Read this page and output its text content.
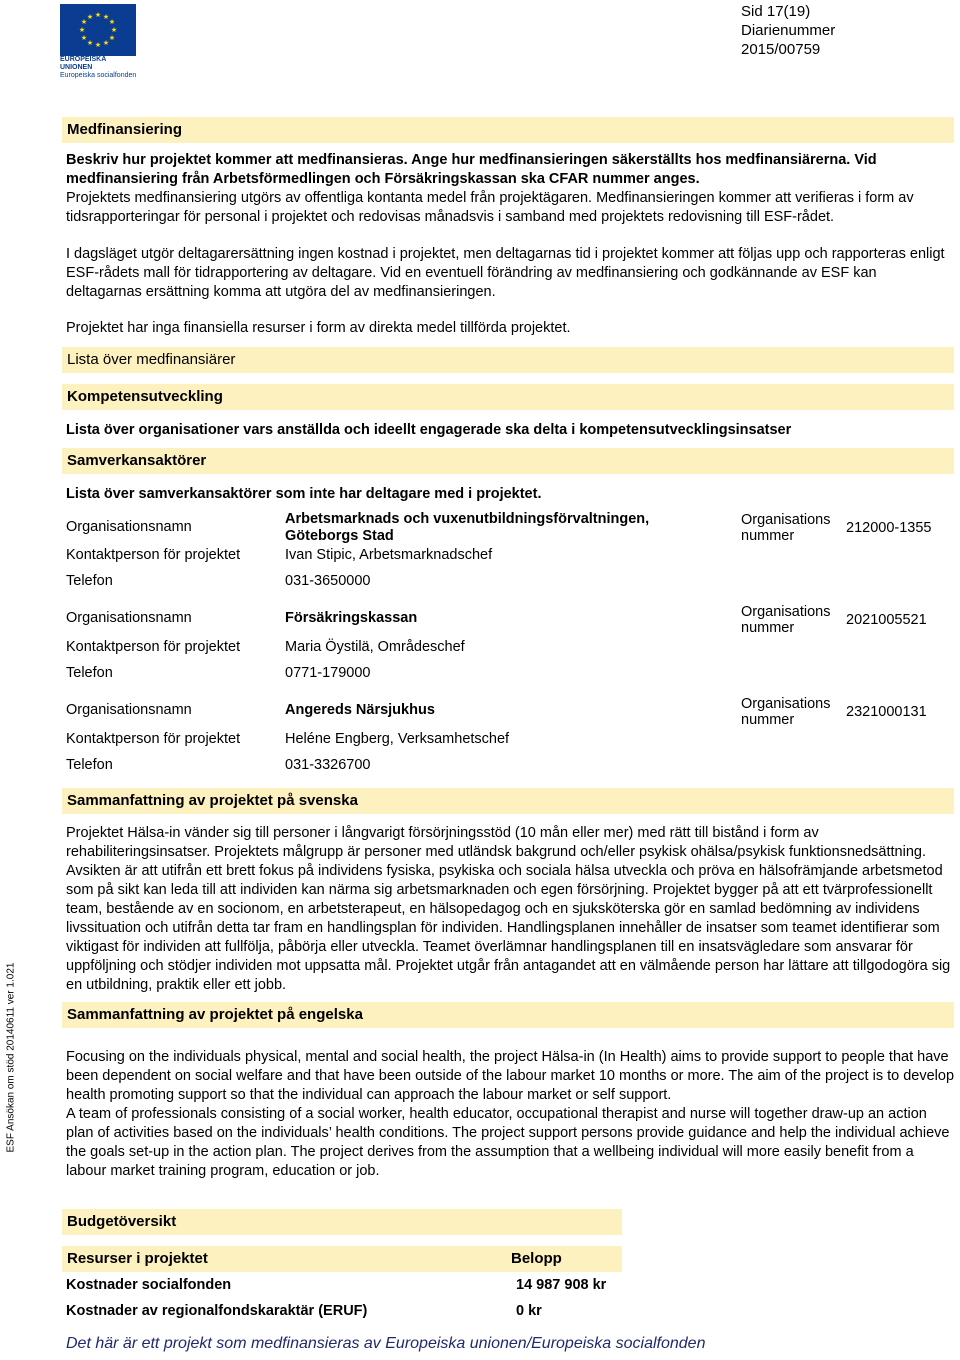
★ ★
★
★
★
★
★
★
★
★
★
★
EUROPEISKA UNIONEN
Europeiska socialfonden
Sid 17(19)
Diarienummer
2015/00759
Medfinansiering
Beskriv hur projektet kommer att medfinansieras. Ange hur medfinansieringen säkerställts hos medfinansiärerna. Vid
medfinansiering från Arbetsförmedlingen och Försäkringskassan ska CFAR nummer anges.
Projektets medfinansiering utgörs av offentliga kontanta medel från projektägaren. Medfinansieringen kommer att verifieras i form av tidsrapporteringar för personal i projektet och redovisas månadsvis i samband med projektets redovisning till ESF-rådet.
I dagsläget utgör deltagarersättning ingen kostnad i projektet, men deltagarnas tid i projektet kommer att följas upp och rapporteras enligt ESF-rådets mall för tidrapportering av deltagare. Vid en eventuell förändring av medfinansiering och godkännande av ESF kan deltagarnas ersättning komma att utgöra del av medfinansieringen.
Projektet har inga finansiella resurser i form av direkta medel tillförda projektet.
Lista över medfinansiärer
Kompetensutveckling
Lista över organisationer vars anställda och ideellt engagerade ska delta i kompetensutvecklingsinsatser
Samverkansaktörer
Lista över samverkansaktörer som inte har deltagare med i projektet.
Organisationsnamn	Arbetsmarknads och vuxenutbildningsförvaltningen,
Göteborgs Stad
Organisations
nummer	212000-1355
Kontaktperson för projektet	Ivan Stipic, Arbetsmarknadschef
Telefon	031-3650000
Organisationsnamn	Försäkringskassan	Organisations
nummer	2021005521
Kontaktperson för projektet	Maria Öystilä, Områdeschef
Telefon	0771-179000
Organisationsnamn	Angereds Närsjukhus	Organisations
nummer	2321000131
Kontaktperson för projektet	Heléne Engberg, Verksamhetschef
Telefon	031-3326700
Sammanfattning av projektet på svenska
Projektet Hälsa-in vänder sig till personer i långvarigt försörjningsstöd (10 mån eller mer) med rätt till bistånd i form av rehabiliteringsinsatser. Projektets målgrupp är personer med utländsk bakgrund och/eller psykisk ohälsa/psykisk funktionsnedsättning. Avsikten är att utifrån ett brett fokus på individens fysiska, psykiska och sociala hälsa utveckla och pröva en hälsofrämjande arbetsmetod som på sikt kan leda till att individen kan närma sig arbetsmarknaden och egen försörjning. Projektet bygger på att ett tvärprofessionellt team, bestående av en socionom, en arbetsterapeut, en hälsopedagog och en sjuksköterska gör en samlad bedömning av individens livssituation och utifrån detta tar fram en handlingsplan för individen. Handlingsplanen innehåller de insatser som teamet identifierar som viktigast för individen att fullfölja, påbörja eller utveckla. Teamet överlämnar handlingsplanen till en insatsvägledare som ansvarar för uppföljning och stödjer individen mot uppsatta mål. Projektet utgår från antagandet att en välmående person har lättare att tillgodogöra sig en utbildning, praktik eller ett jobb.
Sammanfattning av projektet på engelska
Focusing on the individuals physical, mental and social health, the project Hälsa-in (In Health) aims to provide support to people that have been dependent on social welfare and that have been outside of the labour market 10 months or more. The aim of the project is to develop health promoting support so that the individual can approach the labour market or self support.
A team of professionals consisting of a social worker, health educator, occupational therapist and nurse will together draw-up an action plan of activities based on the individuals’ health conditions. The project support persons provide guidance and help the individual achieve the goals set-up in the action plan. The project derives from the assumption that a wellbeing individual will more easily benefit from a labour market training program, education or job.
Budgetöversikt
Resurser i projektet	Belopp
Kostnader socialfonden	14 987 908 kr
Kostnader av regionalfondskaraktär (ERUF)	0 kr
ESF Ansökan om stöd 20140611 ver 1.021
Det här är ett projekt som medfinansieras av Europeiska unionen/Europeiska socialfonden
